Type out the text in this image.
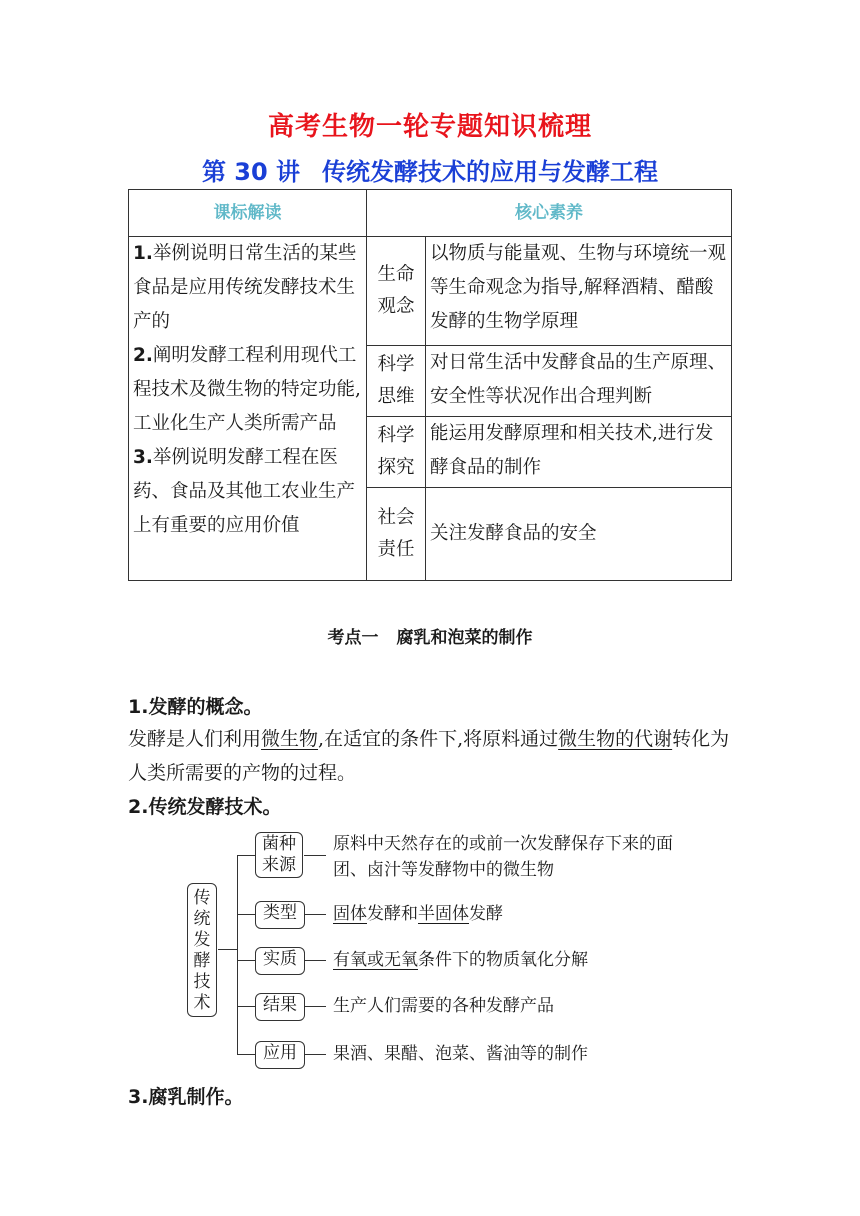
高考生物一轮专题知识梳理
第 30 讲 传统发酵技术的应用与发酵工程
课标解读	核心素养	

1.举例说明日常生活的某些食品是应用传统发酵技术生产的

2.阐明发酵工程利用现代工程技术及微生物的特定功能,工业化生产人类所需产品

3.举例说明发酵工程在医药、食品及其他工农业生产上有重要的应用价值	生命观念	以物质与能量观、生物与环境统一观等生命观念为指导,解释酒精、醋酸发酵的生物学原理
	科学思维	对日常生活中发酵食品的生产原理、安全性等状况作出合理判断
	科学探究	能运用发酵原理和相关技术,进行发酵食品的制作
	社会责任	关注发酵食品的安全
考点一 腐乳和泡菜的制作
1.发酵的概念。
发酵是人们利用微生物,在适宜的条件下,将原料通过微生物的代谢转化为人类所需要的产物的过程。
2.传统发酵技术。
传统发酵技术
菌种来源
原料中天然存在的或前一次发酵保存下来的面团、卤汁等发酵物中的微生物
类型	固体发酵和半固体发酵
实质	有氧或无氧条件下的物质氧化分解
结果	生产人们需要的各种发酵产品
应用	果酒、果醋、泡菜、酱油等的制作
3.腐乳制作。
